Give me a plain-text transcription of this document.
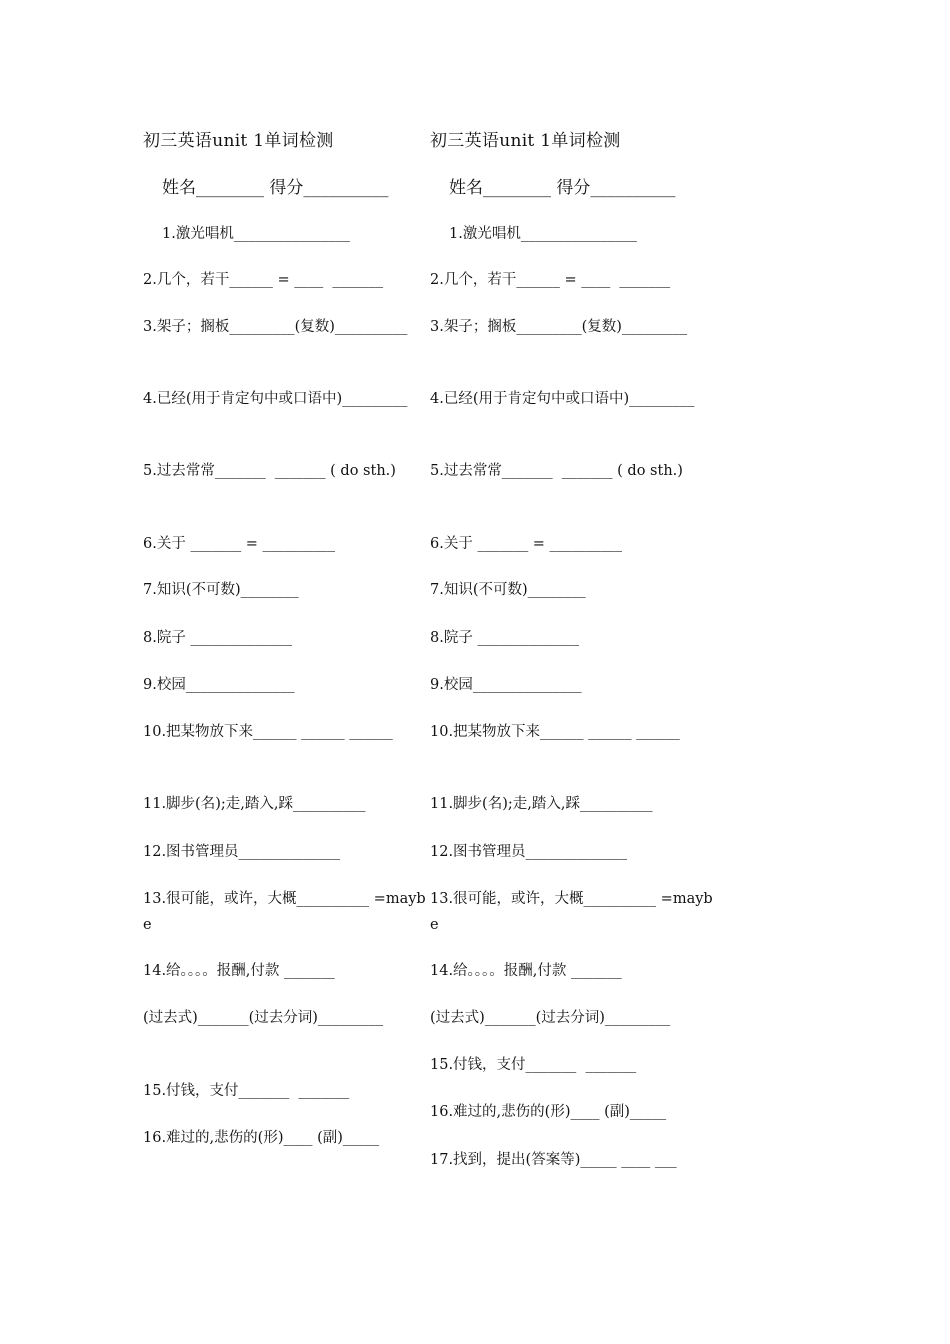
初三英语unit 1单词检测
姓名________ 得分__________
1.激光唱机________________
2.几个，若干______ = ____  _______
3.架子；搁板_________(复数)__________
4.已经(用于肯定句中或口语中)_________
5.过去常常_______  _______ ( do sth.)
6.关于 _______ = __________
7.知识(不可数)________
8.院子 ______________
9.校园_______________
10.把某物放下来______ ______ ______
11.脚步(名);走,踏入,踩__________
12.图书管理员______________
13.很可能，或许，大概__________ =maybe
14.给。。。。报酬,付款 _______
(过去式)_______(过去分词)_________
15.付钱，支付_______  _______
16.难过的,悲伤的(形)____ (副)_____
初三英语unit 1单词检测
姓名________ 得分__________
1.激光唱机________________
2.几个，若干______ = ____  _______
3.架子；搁板_________(复数)_________
4.已经(用于肯定句中或口语中)_________
5.过去常常_______  _______ ( do sth.)
6.关于 _______ = __________
7.知识(不可数)________
8.院子 ______________
9.校园_______________
10.把某物放下来______ ______ ______
11.脚步(名);走,踏入,踩__________
12.图书管理员______________
13.很可能，或许，大概__________ =maybe
14.给。。。。报酬,付款 _______
(过去式)_______(过去分词)_________
15.付钱，支付_______  _______
16.难过的,悲伤的(形)____ (副)_____
17.找到，提出(答案等)_____ ____ ___
